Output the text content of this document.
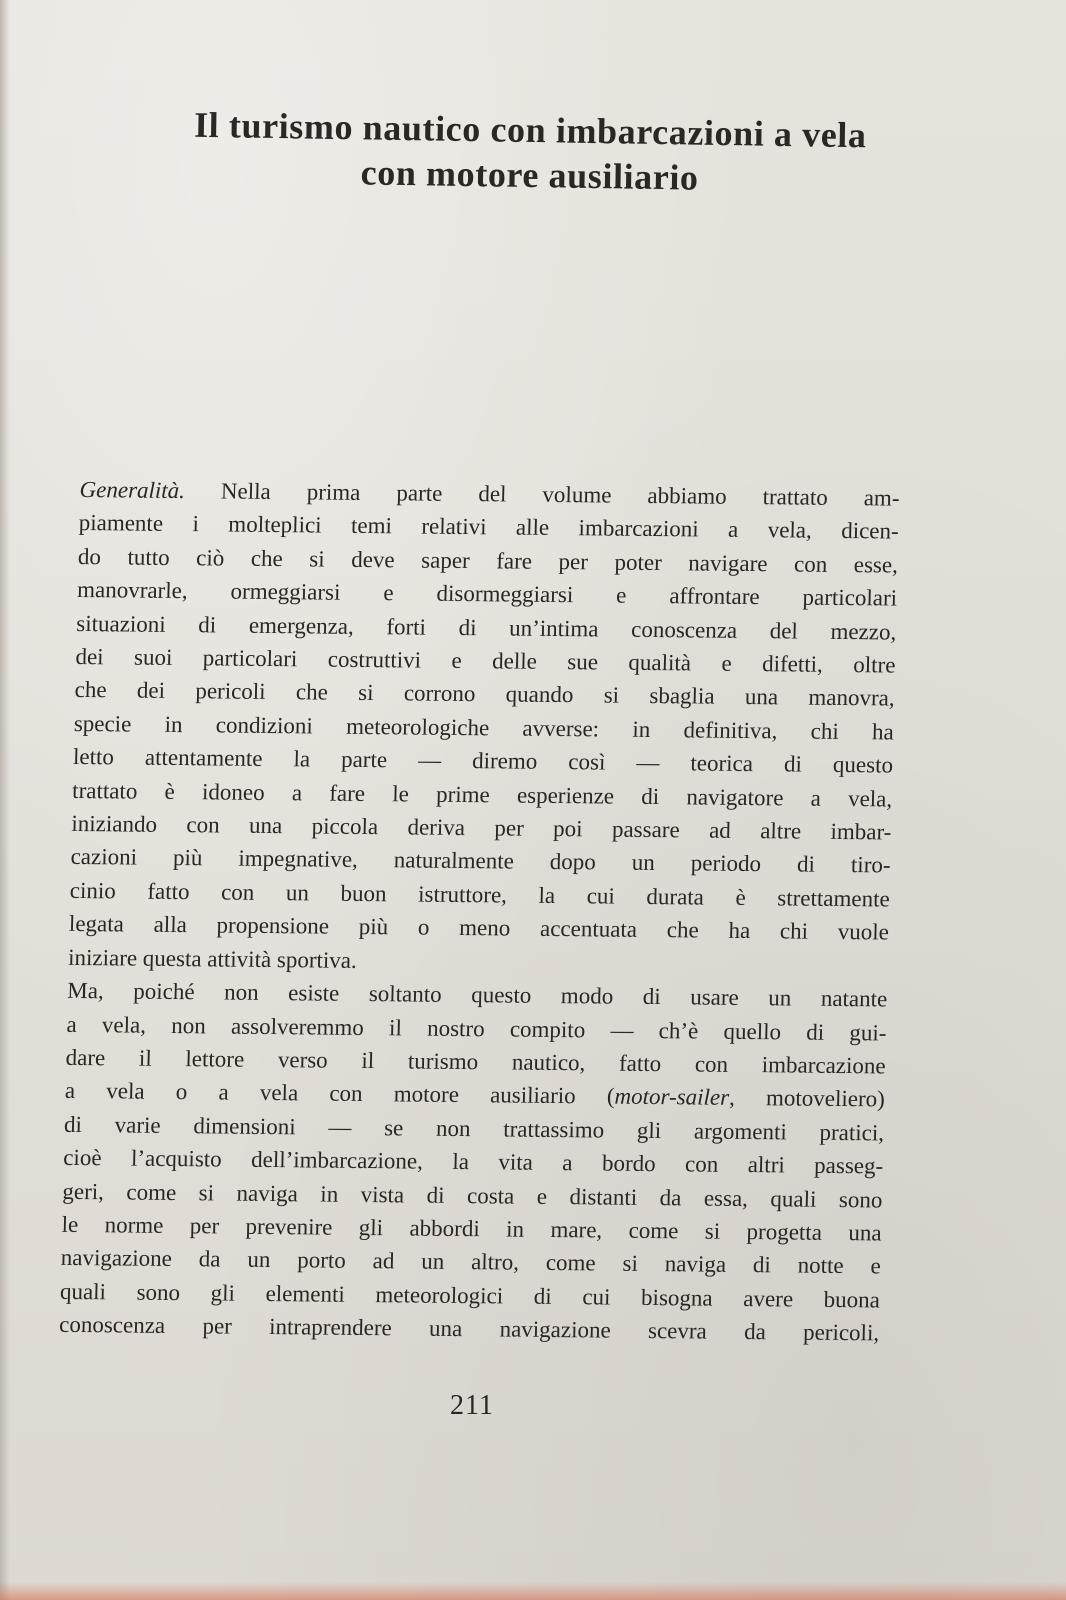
Il turismo nautico con imbarcazioni a vela
con motore ausiliario

Generalità. Nella prima parte del volume abbiamo trattato am-
piamente i molteplici temi relativi alle imbarcazioni a vela, dicen-
do tutto ciò che si deve saper fare per poter navigare con esse,
manovrarle, ormeggiarsi e disormeggiarsi e affrontare particolari
situazioni di emergenza, forti di un’intima conoscenza del mezzo,
dei suoi particolari costruttivi e delle sue qualità e difetti, oltre
che dei pericoli che si corrono quando si sbaglia una manovra,
specie in condizioni meteorologiche avverse: in definitiva, chi ha
letto attentamente la parte — diremo così — teorica di questo
trattato è idoneo a fare le prime esperienze di navigatore a vela,
iniziando con una piccola deriva per poi passare ad altre imbar-
cazioni più impegnative, naturalmente dopo un periodo di tiro-
cinio fatto con un buon istruttore, la cui durata è strettamente
legata alla propensione più o meno accentuata che ha chi vuole
iniziare questa attività sportiva.

Ma, poiché non esiste soltanto questo modo di usare un natante
a vela, non assolveremmo il nostro compito — ch’è quello di gui-
dare il lettore verso il turismo nautico, fatto con imbarcazione
a vela o a vela con motore ausiliario (motor-sailer, motoveliero)
di varie dimensioni — se non trattassimo gli argomenti pratici,
cioè l’acquisto dell’imbarcazione, la vita a bordo con altri passeg-
geri, come si naviga in vista di costa e distanti da essa, quali sono
le norme per prevenire gli abbordi in mare, come si progetta una
navigazione da un porto ad un altro, come si naviga di notte e
quali sono gli elementi meteorologici di cui bisogna avere buona
conoscenza per intraprendere una navigazione scevra da pericoli,

211
